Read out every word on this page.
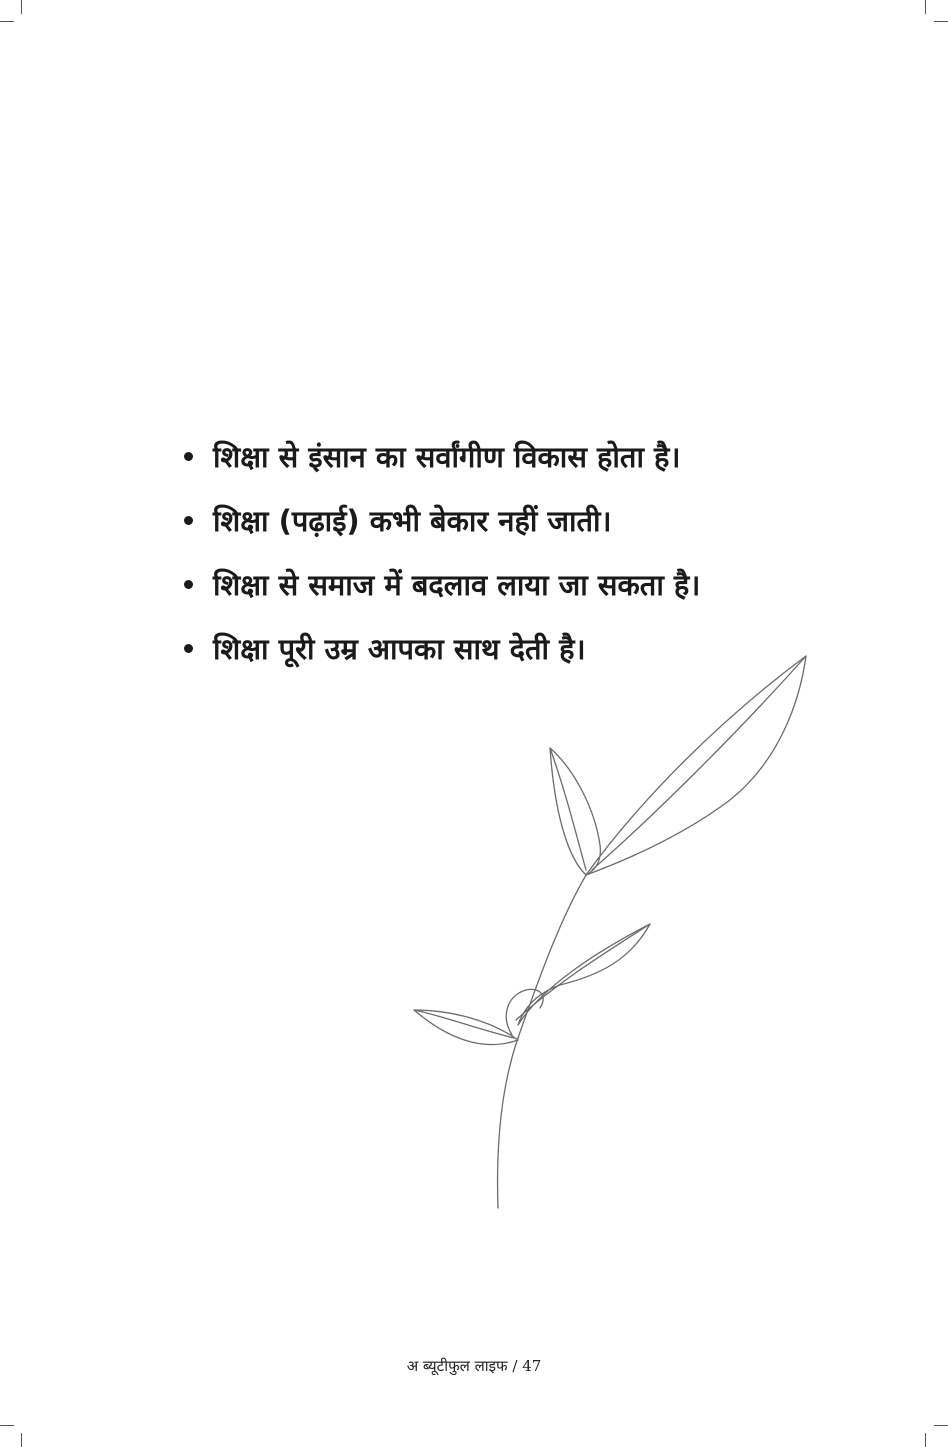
शिक्षा से इंसान का सर्वांगीण विकास होता है।
शिक्षा (पढ़ाई) कभी बेकार नहीं जाती।
शिक्षा से समाज में बदलाव लाया जा सकता है।
शिक्षा पूरी उम्र आपका साथ देती है।
अ ब्यूटीफुल लाइफ / 47
